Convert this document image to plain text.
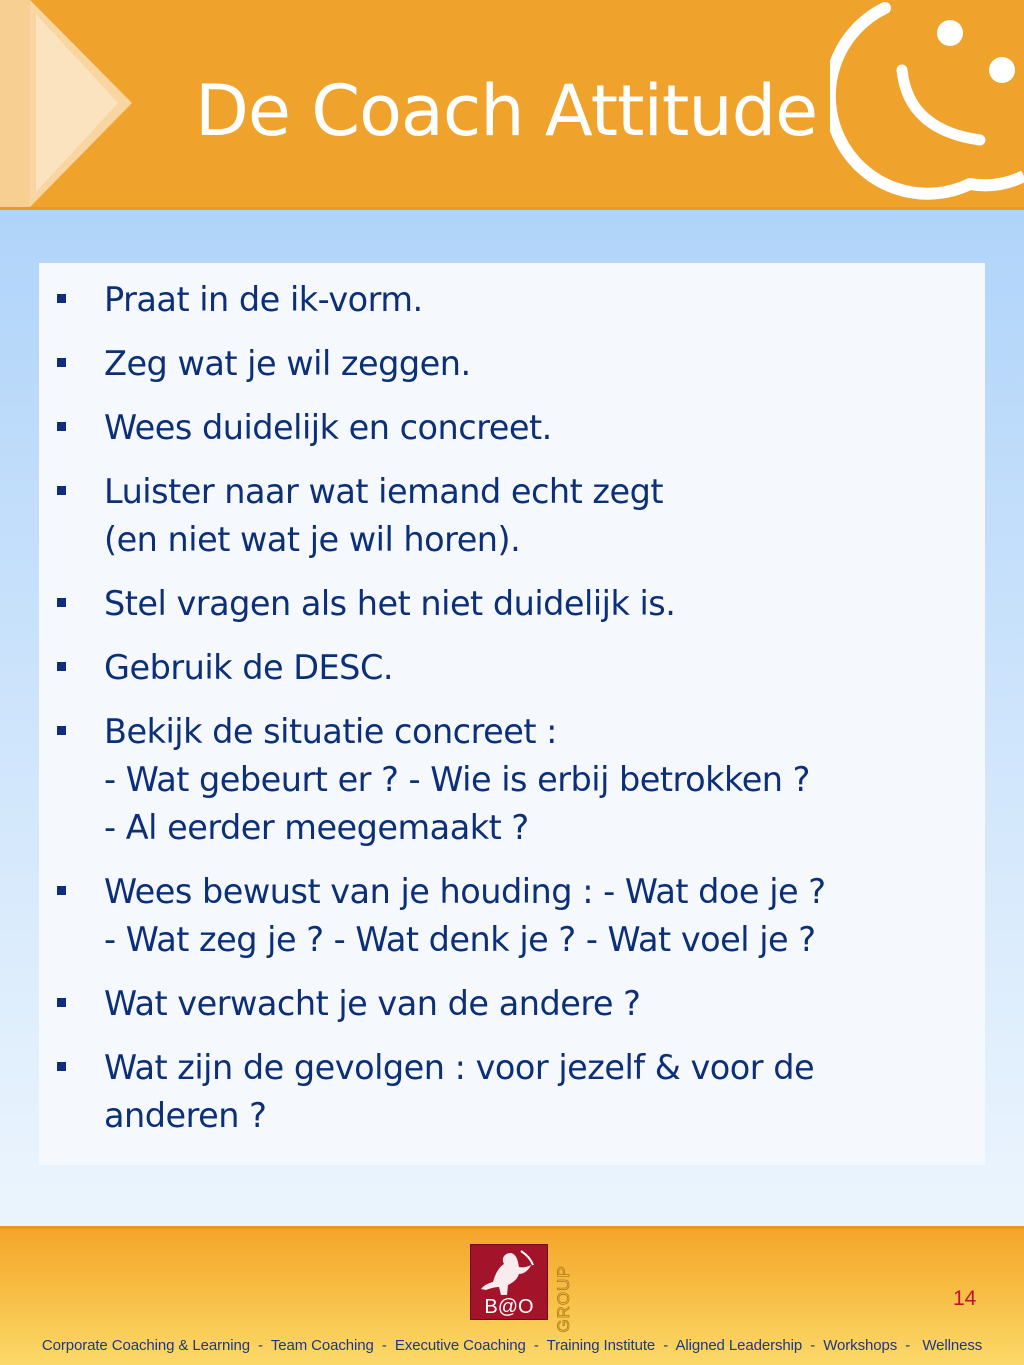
De Coach Attitude
Praat in de ik-vorm.
Zeg wat je wil zeggen.
Wees duidelijk en concreet.
Luister naar wat iemand echt zegt
(en niet wat je wil horen).
Stel vragen als het niet duidelijk is.
Gebruik de DESC.
Bekijk de situatie concreet :
- Wat gebeurt er ? - Wie is erbij betrokken ?
- Al eerder meegemaakt ?
Wees bewust van je houding : - Wat doe je ?
- Wat zeg je ? - Wat denk je ? - Wat voel je ?
Wat verwacht je van de andere ?
Wat zijn de gevolgen : voor jezelf & voor de anderen ?
B@O	GROUP	14
Corporate Coaching & Learning  -  Team Coaching  -  Executive Coaching  -  Training Institute  -  Aligned Leadership  -  Workshops  -   Wellness
